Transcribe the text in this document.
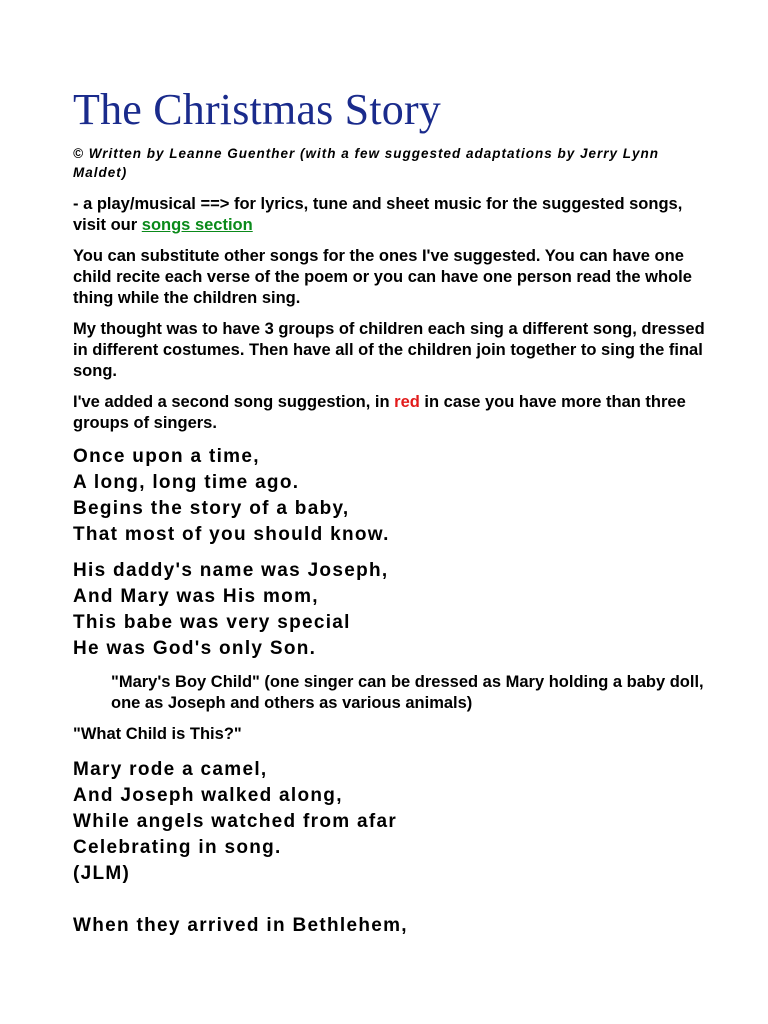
The Christmas Story

© Written by Leanne Guenther (with a few suggested adaptations by Jerry Lynn Maldet)

- a play/musical ==> for lyrics, tune and sheet music for the suggested songs, visit our songs section

You can substitute other songs for the ones I've suggested. You can have one child recite each verse of the poem or you can have one person read the whole thing while the children sing.

My thought was to have 3 groups of children each sing a different song, dressed in different costumes. Then have all of the children join together to sing the final song.

I've added a second song suggestion, in red in case you have more than three groups of singers.

Once upon a time,
A long, long time ago.
Begins the story of a baby,
That most of you should know.
His daddy's name was Joseph,
And Mary was His mom,
This babe was very special
He was God's only Son.

"Mary's Boy Child" (one singer can be dressed as Mary holding a baby doll, one as Joseph and others as various animals)

"What Child is This?"

Mary rode a camel,
And Joseph walked along,
While angels watched from afar
Celebrating in song.
(JLM)
When they arrived in Bethlehem,
